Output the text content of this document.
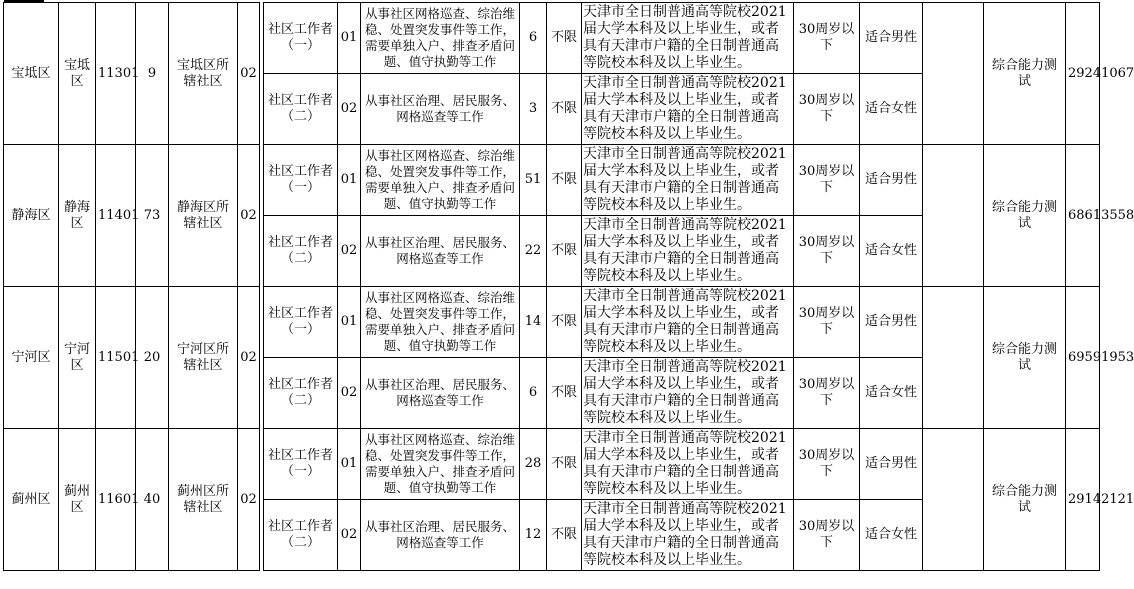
宝坻区	宝坻区	11301	9	宝坻区所辖社区	02		社区工作者（一）	01	从事社区网格巡查、综治维稳、处置突发事件等工作，需要单独入户、排查矛盾问题、值守执勤等工作	6	不限	天津市全日制普通高等院校2021届大学本科及以上毕业生，或者具有天津市户籍的全日制普通高等院校本科及以上毕业生。	30周岁以下	适合男性		综合能力测试	29241067
							社区工作者（二）	02	从事社区治理、居民服务、网格巡查等工作	3	不限	天津市全日制普通高等院校2021届大学本科及以上毕业生，或者具有天津市户籍的全日制普通高等院校本科及以上毕业生。	30周岁以下	适合女性			
静海区	静海区	11401	73	静海区所辖社区	02		社区工作者（一）	01	从事社区网格巡查、综治维稳、处置突发事件等工作，需要单独入户、排查矛盾问题、值守执勤等工作	51	不限	天津市全日制普通高等院校2021届大学本科及以上毕业生，或者具有天津市户籍的全日制普通高等院校本科及以上毕业生。	30周岁以下	适合男性		综合能力测试	68613558
							社区工作者（二）	02	从事社区治理、居民服务、网格巡查等工作	22	不限	天津市全日制普通高等院校2021届大学本科及以上毕业生，或者具有天津市户籍的全日制普通高等院校本科及以上毕业生。	30周岁以下	适合女性			
宁河区	宁河区	11501	20	宁河区所辖社区	02		社区工作者（一）	01	从事社区网格巡查、综治维稳、处置突发事件等工作，需要单独入户、排查矛盾问题、值守执勤等工作	14	不限	天津市全日制普通高等院校2021届大学本科及以上毕业生，或者具有天津市户籍的全日制普通高等院校本科及以上毕业生。	30周岁以下	适合男性		综合能力测试	69591953
							社区工作者（二）	02	从事社区治理、居民服务、网格巡查等工作	6	不限	天津市全日制普通高等院校2021届大学本科及以上毕业生，或者具有天津市户籍的全日制普通高等院校本科及以上毕业生。	30周岁以下	适合女性			
蓟州区	蓟州区	11601	40	蓟州区所辖社区	02		社区工作者（一）	01	从事社区网格巡查、综治维稳、处置突发事件等工作，需要单独入户、排查矛盾问题、值守执勤等工作	28	不限	天津市全日制普通高等院校2021届大学本科及以上毕业生，或者具有天津市户籍的全日制普通高等院校本科及以上毕业生。	30周岁以下	适合男性		综合能力测试	29142121
							社区工作者（二）	02	从事社区治理、居民服务、网格巡查等工作	12	不限	天津市全日制普通高等院校2021届大学本科及以上毕业生，或者具有天津市户籍的全日制普通高等院校本科及以上毕业生。	30周岁以下	适合女性			
